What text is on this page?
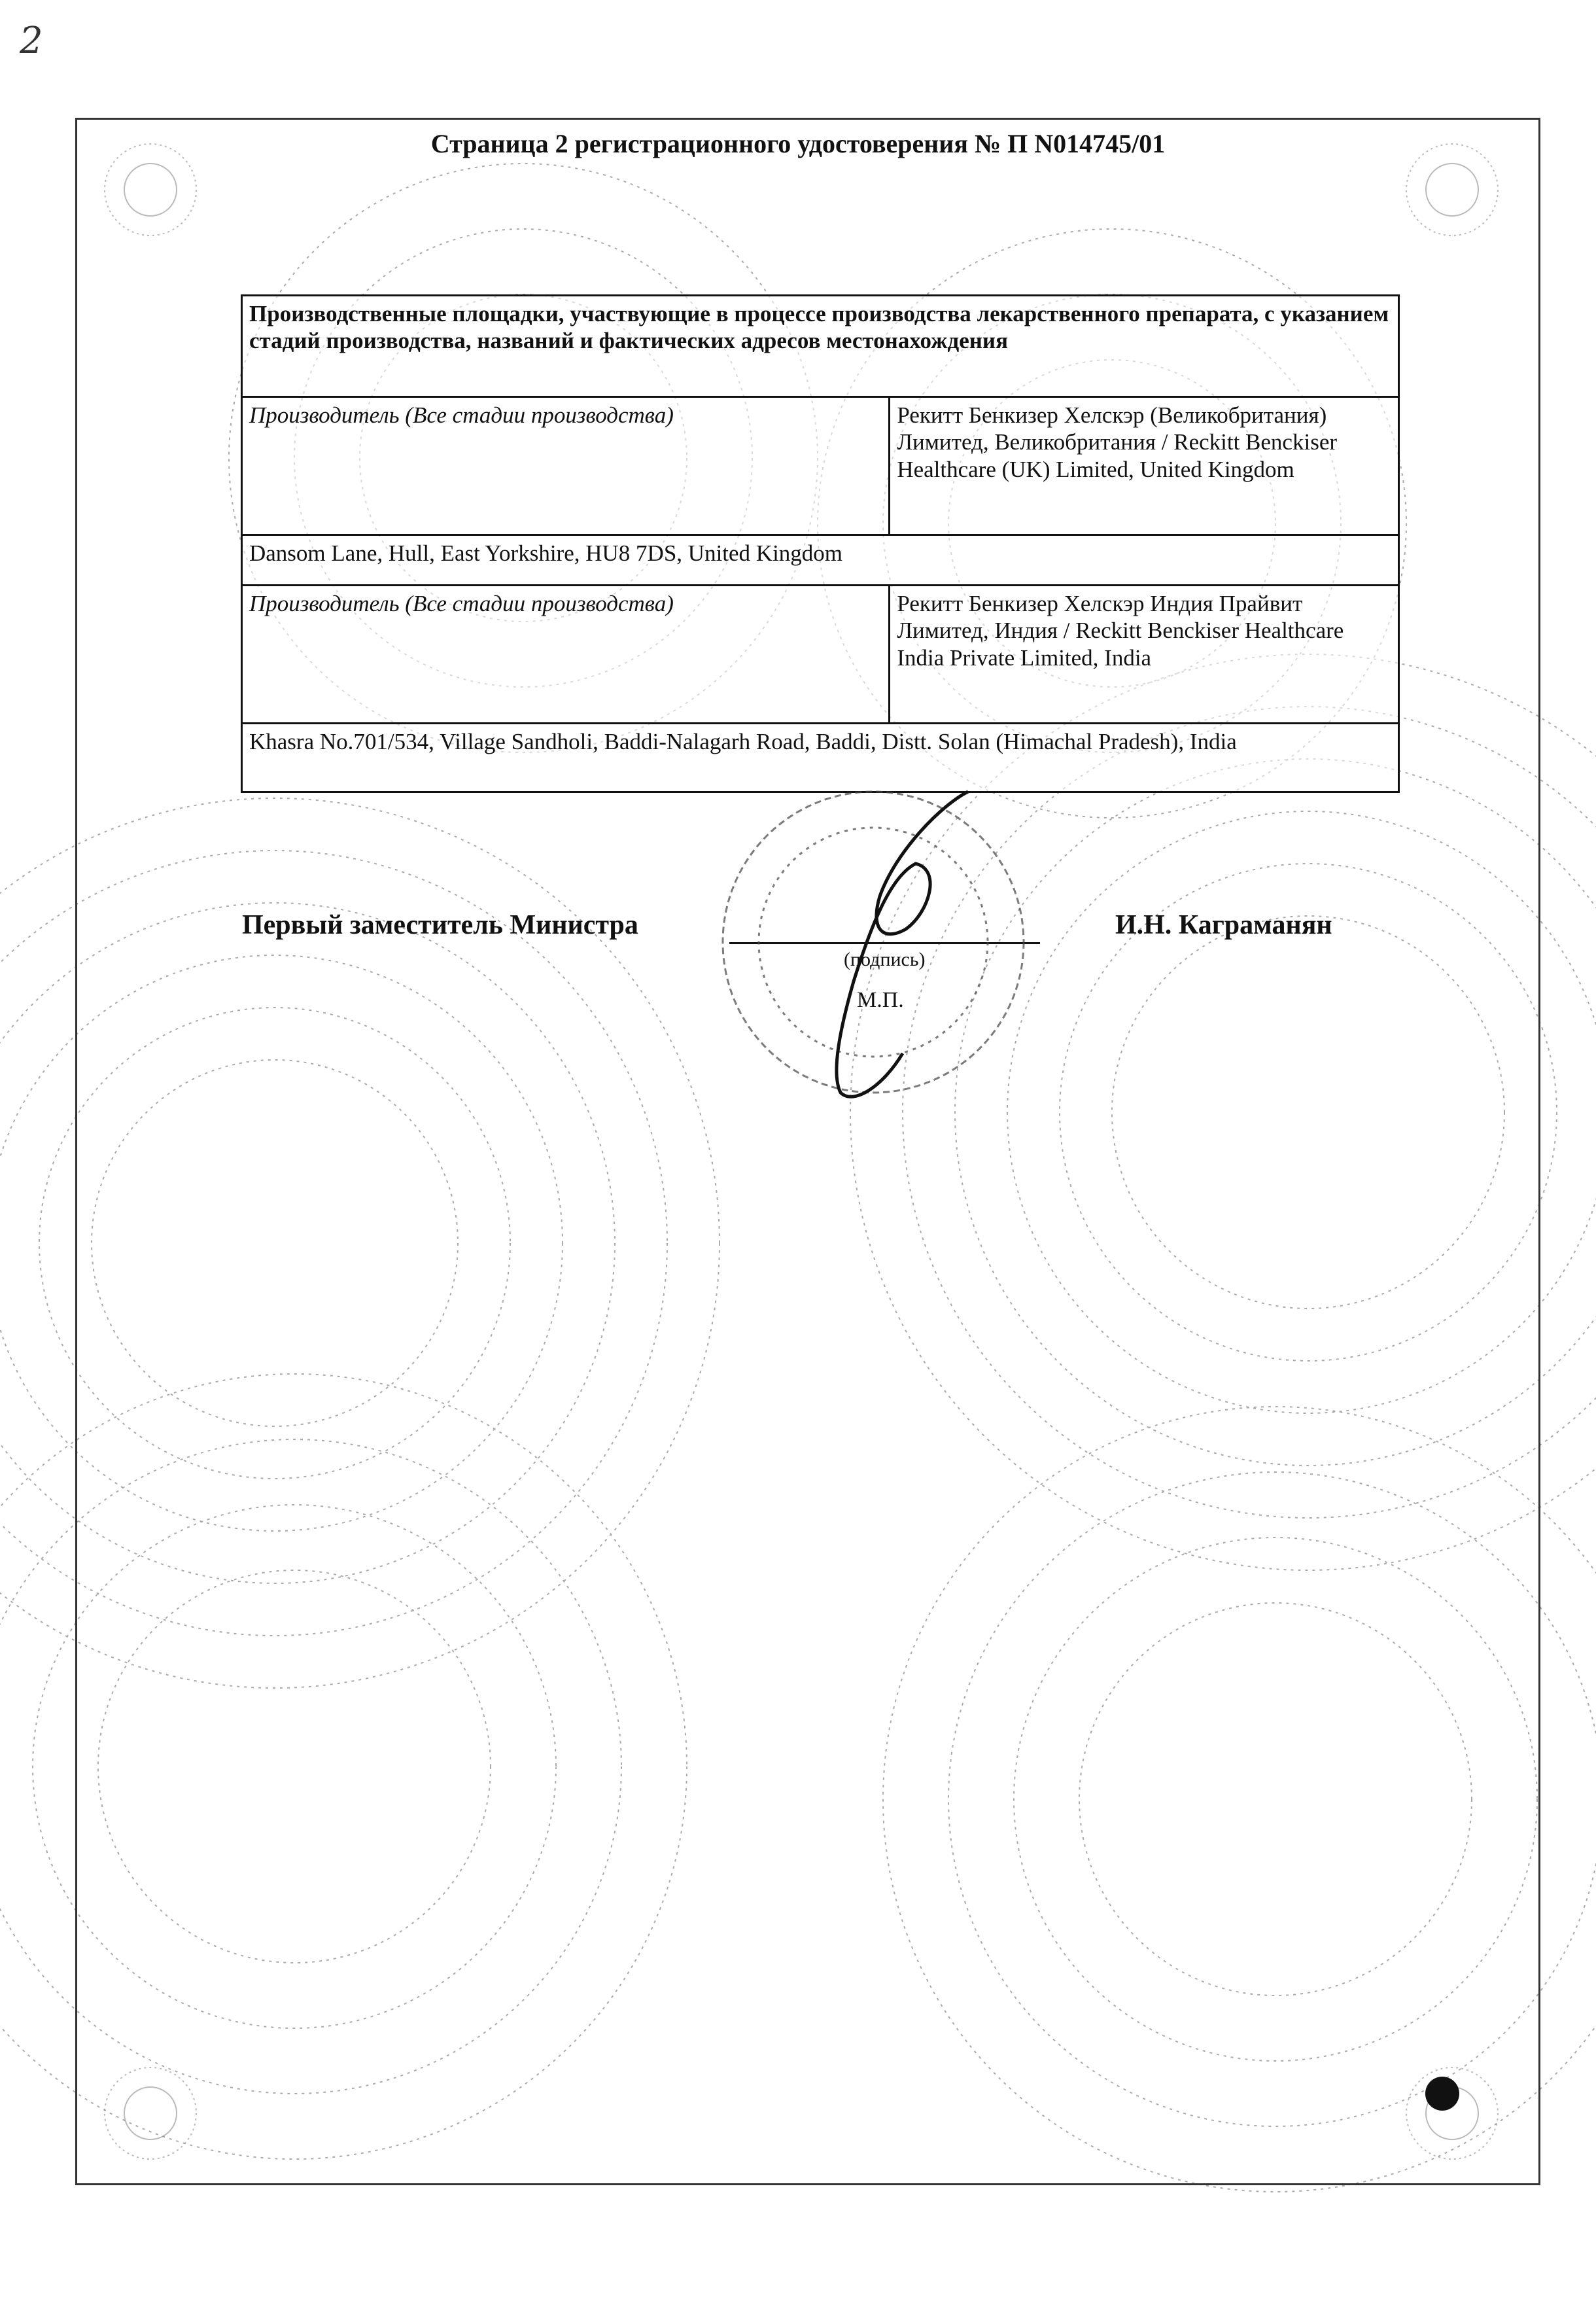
2
Страница 2 регистрационного удостоверения № П N014745/01
Производственные площадки, участвующие в процессе производства лекарственного препарата, с указанием стадий производства, названий и фактических адресов местонахождения	
Производитель (Все стадии производства)	Рекитт Бенкизер Хелскэр (Великобритания) Лимитед, Великобритания / Reckitt Benckiser Healthcare (UK) Limited, United Kingdom
Dansom Lane, Hull, East Yorkshire, HU8 7DS, United Kingdom	
Производитель (Все стадии производства)	Рекитт Бенкизер Хелскэр Индия Прайвит Лимитед, Индия / Reckitt Benckiser Healthcare India Private Limited, India
Khasra No.701/534, Village Sandholi, Baddi-Nalagarh Road, Baddi, Distt. Solan (Himachal Pradesh), India	
Первый заместитель Министра
(подпись)
И.Н. Каграманян
М.П.
